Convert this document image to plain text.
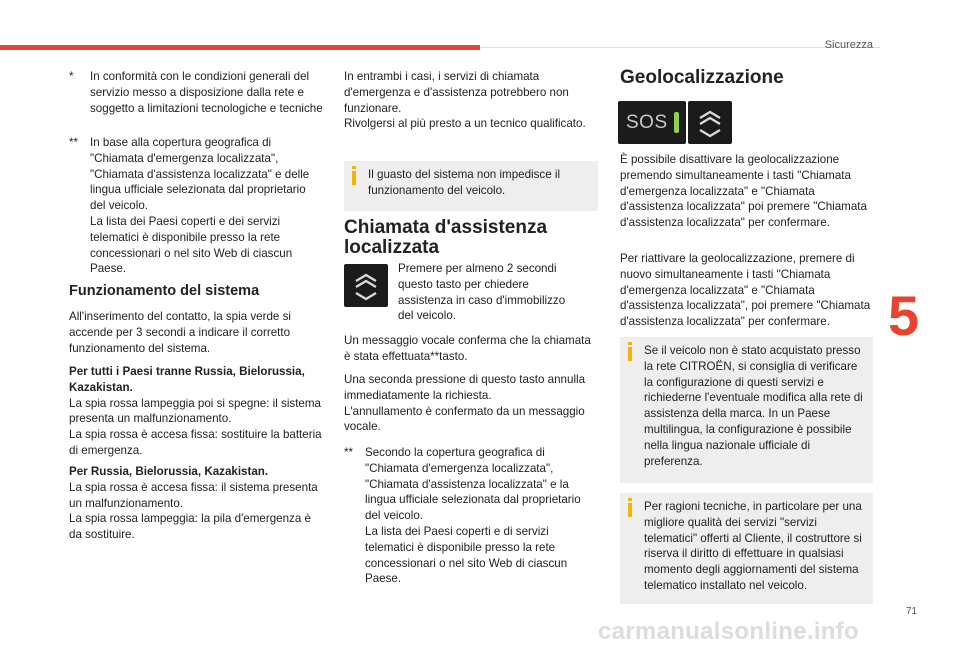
Sicurezza
5
71
carmanualsonline.info
* In conformità con le condizioni generali del servizio messo a disposizione dalla rete e soggetto a limitazioni tecnologiche e tecniche
** In base alla copertura geografica di "Chiamata d'emergenza localizzata", "Chiamata d'assistenza localizzata" e delle lingua ufficiale selezionata dal proprietario del veicolo.
La lista dei Paesi coperti e dei servizi telematici è disponibile presso la rete concessionari o nel sito Web di ciascun Paese.
Funzionamento del sistema
All'inserimento del contatto, la spia verde si accende per 3 secondi a indicare il corretto funzionamento del sistema.
Per tutti i Paesi tranne Russia, Bielorussia, Kazakistan.
La spia rossa lampeggia poi si spegne: il sistema presenta un malfunzionamento.
La spia rossa è accesa fissa: sostituire la batteria di emergenza.
Per Russia, Bielorussia, Kazakistan.
La spia rossa è accesa fissa: il sistema presenta un malfunzionamento.
La spia rossa lampeggia: la pila d'emergenza è da sostituire.
In entrambi i casi, i servizi di chiamata d'emergenza e d'assistenza potrebbero non funzionare.
Rivolgersi al più presto a un tecnico qualificato.
Il guasto del sistema non impedisce il funzionamento del veicolo.
Chiamata d'assistenza
localizzata
Premere per almeno 2 secondi questo tasto per chiedere assistenza in caso d'immobilizzo del veicolo.
Un messaggio vocale conferma che la chiamata è stata effettuata**tasto.
Una seconda pressione di questo tasto annulla immediatamente la richiesta.
L'annullamento è confermato da un messaggio vocale.
** Secondo la copertura geografica di "Chiamata d'emergenza localizzata", "Chiamata d'assistenza localizzata" e la lingua ufficiale selezionata dal proprietario del veicolo.
La lista dei Paesi coperti e di servizi telematici è disponibile presso la rete concessionari o nel sito Web di ciascun Paese.
Geolocalizzazione
SOS
È possibile disattivare la geolocalizzazione premendo simultaneamente i tasti "Chiamata d'emergenza localizzata" e "Chiamata d'assistenza localizzata" poi premere "Chiamata d'assistenza localizzata" per confermare.
Per riattivare la geolocalizzazione, premere di nuovo simultaneamente i tasti "Chiamata d'emergenza localizzata" e "Chiamata d'assistenza localizzata", poi premere "Chiamata d'assistenza localizzata" per confermare.
Se il veicolo non è stato acquistato presso la rete CITROËN, si consiglia di verificare la configurazione di questi servizi e richiederne l'eventuale modifica alla rete di assistenza della marca. In un Paese multilingua, la configurazione è possibile nella lingua nazionale ufficiale di preferenza.
Per ragioni tecniche, in particolare per una migliore qualità dei servizi "servizi telematici" offerti al Cliente, il costruttore si riserva il diritto di effettuare in qualsiasi momento degli aggiornamenti del sistema telematico installato nel veicolo.
